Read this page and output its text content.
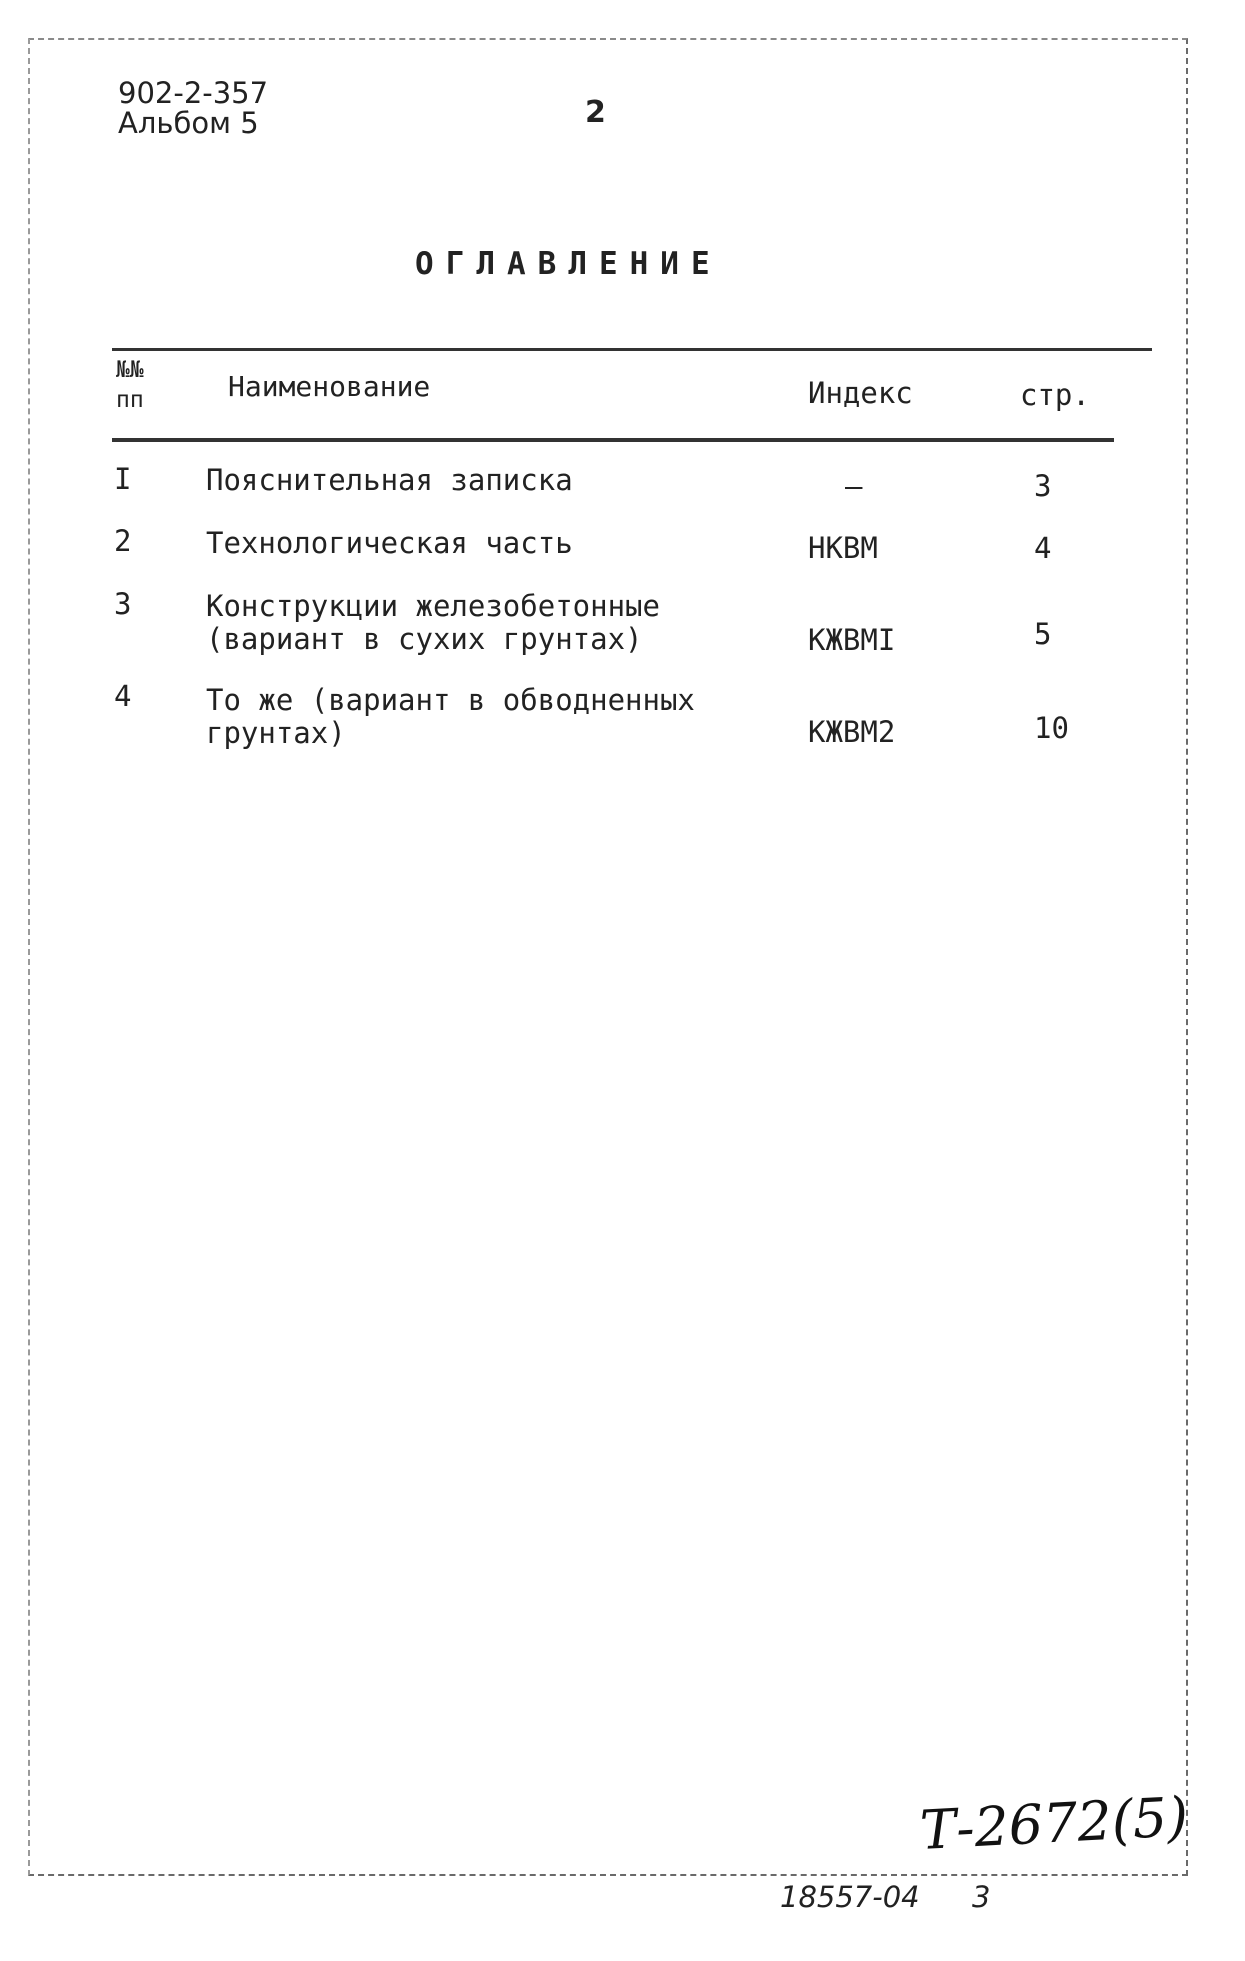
902-2-357
Альбом 5	2
ОГЛАВЛЕНИЕ
№№ пп	Наименование	Индекс	стр.
I	Пояснительная записка	–	3
2	Технологическая часть	НКВМ	4
3	Конструкции железобетонные (вариант в сухих грунтах)	КЖВМI	5
4	То же (вариант в обводненных грунтах)	КЖВМ2	10
Т-2672(5)
18557-04 3
